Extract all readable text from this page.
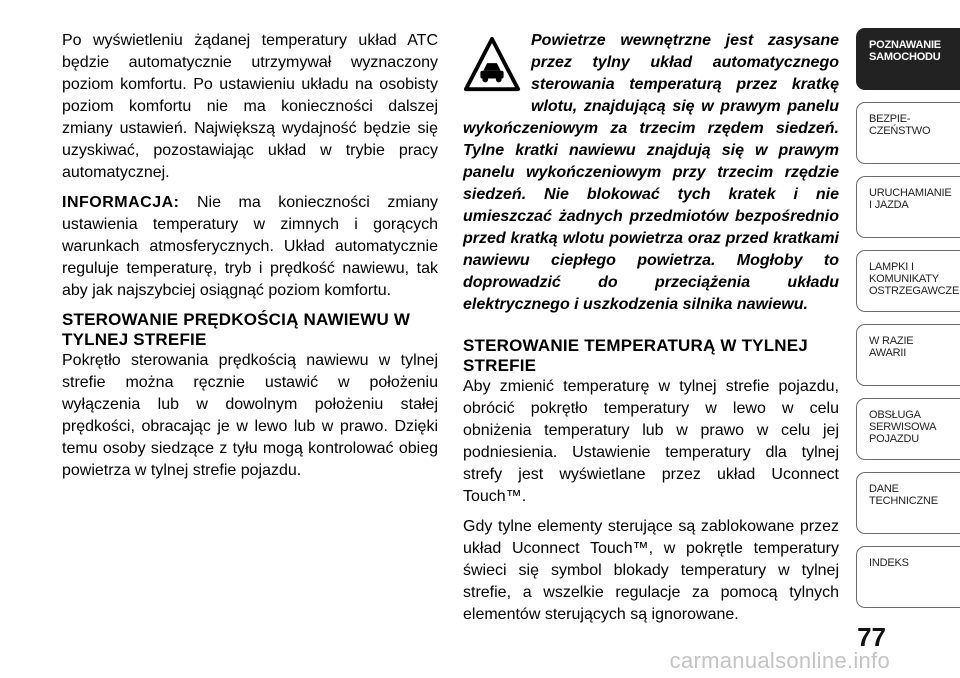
Po wyświetleniu żądanej temperatury układ ATC będzie automatycznie utrzymywał wyznaczony poziom komfortu. Po ustawieniu układu na osobisty poziom komfortu nie ma konieczności dalszej zmiany ustawień. Największą wydajność będzie się uzyskiwać, pozostawiając układ w trybie pracy automatycznej.

INFORMACJA: Nie ma konieczności zmiany ustawienia temperatury w zimnych i gorących warunkach atmosferycznych. Układ automatycznie reguluje temperaturę, tryb i prędkość nawiewu, tak aby jak najszybciej osiągnąć poziom komfortu.

STEROWANIE PRĘDKOŚCIĄ NAWIEWU W TYLNEJ STREFIE

Pokrętło sterowania prędkością nawiewu w tylnej strefie można ręcznie ustawić w położeniu wyłączenia lub w dowolnym położeniu stałej prędkości, obracając je w lewo lub w prawo. Dzięki temu osoby siedzące z tyłu mogą kontrolować obieg powietrza w tylnej strefie pojazdu.

Powietrze wewnętrzne jest zasysane przez tylny układ automatycznego sterowania temperaturą przez kratkę wlotu, znajdującą się w prawym panelu wykończeniowym za trzecim rzędem siedzeń. Tylne kratki nawiewu znajdują się w prawym panelu wykończeniowym przy trzecim rzędzie siedzeń. Nie blokować tych kratek i nie umieszczać żadnych przedmiotów bezpośrednio przed kratką wlotu powietrza oraz przed kratkami nawiewu ciepłego powietrza. Mogłoby to doprowadzić do przeciążenia układu elektrycznego i uszkodzenia silnika nawiewu.
STEROWANIE TEMPERATURĄ W TYLNEJ STREFIE

Aby zmienić temperaturę w tylnej strefie pojazdu, obrócić pokrętło temperatury w lewo w celu obniżenia temperatury lub w prawo w celu jej podniesienia. Ustawienie temperatury dla tylnej strefy jest wyświetlane przez układ Uconnect Touch™.

Gdy tylne elementy sterujące są zablokowane przez układ Uconnect Touch™, w pokrętle temperatury świeci się symbol blokady temperatury w tylnej strefie, a wszelkie regulacje za pomocą tylnych elementów sterujących są ignorowane.

POZNAWANIE
SAMOCHODU
BEZPIE-
CZEŃSTWO
URUCHAMIANIE
I JAZDA
LAMPKI I
KOMUNIKATY
OSTRZEGAWCZE
W RAZIE
AWARII
OBSŁUGA
SERWISOWA
POJAZDU
DANE
TECHNICZNE
INDEKS
77
carmanualsonline.info
